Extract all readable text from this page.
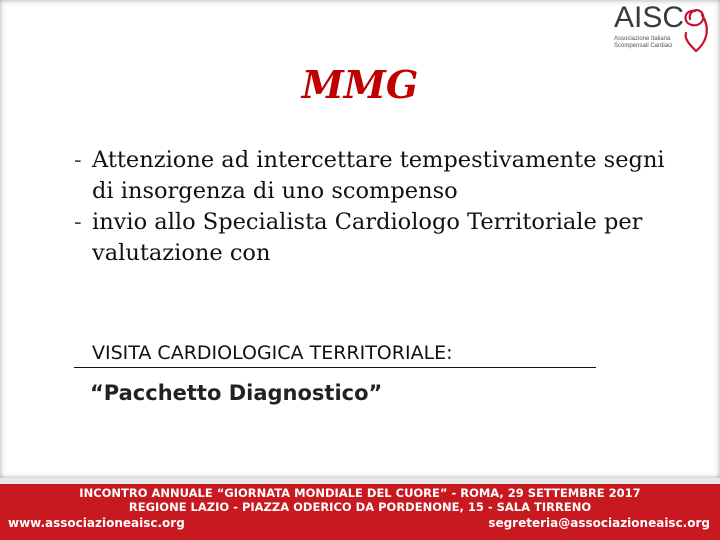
AISC
Associazione Italiana Scompensati Cardiaci
MMG
- Attenzione ad intercettare tempestivamente segni di insorgenza di uno scompenso
- invio allo Specialista Cardiologo Territoriale per valutazione con
VISITA CARDIOLOGICA TERRITORIALE:
“Pacchetto Diagnostico”
INCONTRO ANNUALE “GIORNATA MONDIALE DEL CUORE” - ROMA, 29 SETTEMBRE 2017
REGIONE LAZIO - PIAZZA ODERICO DA PORDENONE, 15 - SALA TIRRENO
www.associazioneaisc.org	segreteria@associazioneaisc.org
